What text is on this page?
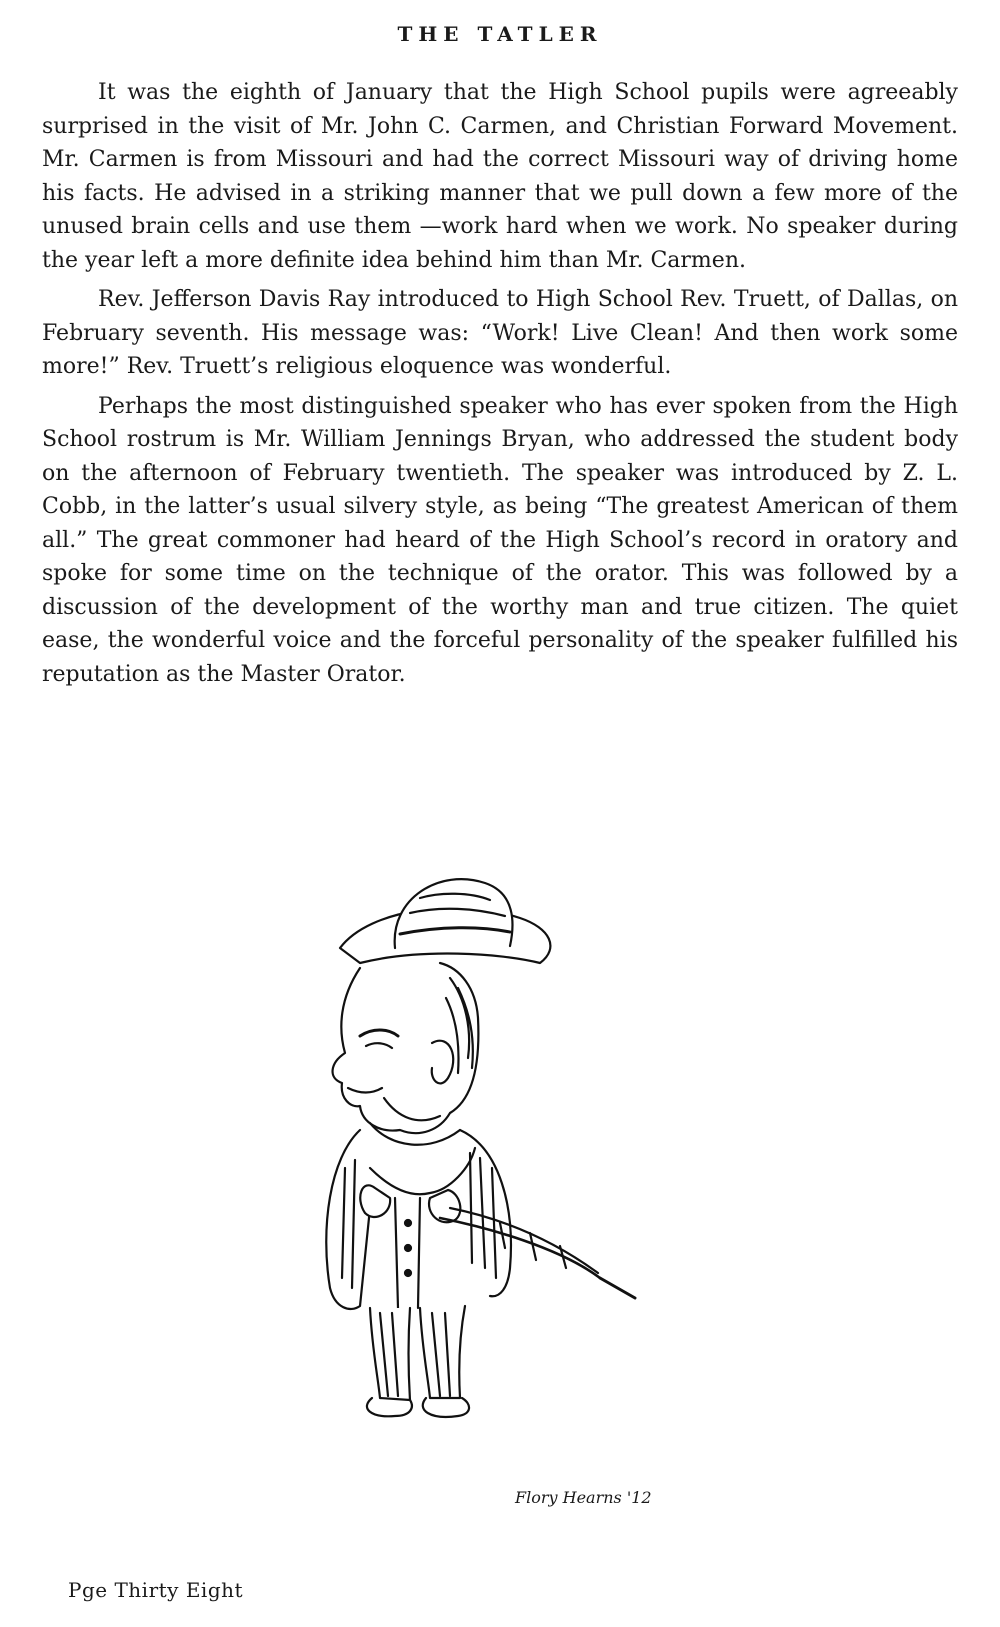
THE TATLER

It was the eighth of January that the High School pupils were agreeably surprised in the visit of Mr. John C. Carmen, and Christian Forward Movement. Mr. Carmen is from Missouri and had the correct Missouri way of driving home his facts. He advised in a striking manner that we pull down a few more of the unused brain cells and use them —work hard when we work. No speaker during the year left a more definite idea behind him than Mr. Carmen.

Rev. Jefferson Davis Ray introduced to High School Rev. Truett, of Dallas, on February seventh. His message was: “Work! Live Clean! And then work some more!” Rev. Truett’s religious eloquence was wonderful.

Perhaps the most distinguished speaker who has ever spoken from the High School rostrum is Mr. William Jennings Bryan, who addressed the student body on the afternoon of February twentieth. The speaker was introduced by Z. L. Cobb, in the latter’s usual silvery style, as being “The greatest American of them all.” The great commoner had heard of the High School’s record in oratory and spoke for some time on the technique of the orator. This was followed by a discussion of the development of the worthy man and true citizen. The quiet ease, the wonderful voice and the forceful personality of the speaker fulfilled his reputation as the Master Orator.

Flory Hearns '12
Pge Thirty Eight
